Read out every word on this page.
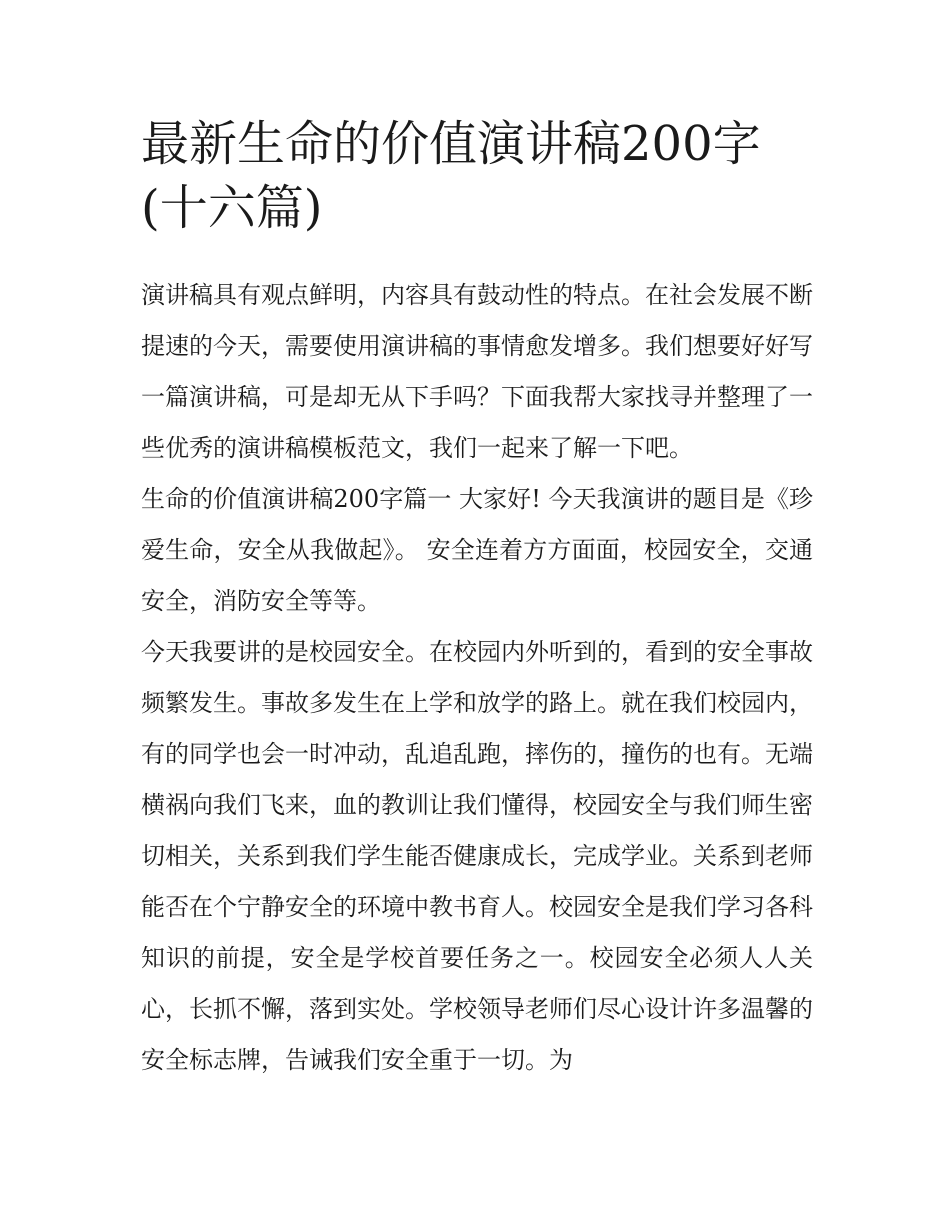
最新生命的价值演讲稿200字
(十六篇)

演讲稿具有观点鲜明，内容具有鼓动性的特点。在社会发展不断提速的今天，需要使用演讲稿的事情愈发增多。我们想要好好写一篇演讲稿，可是却无从下手吗？下面我帮大家找寻并整理了一些优秀的演讲稿模板范文，我们一起来了解一下吧。

生命的价值演讲稿200字篇一 大家好! 今天我演讲的题目是《珍爱生命，安全从我做起》。 安全连着方方面面，校园安全，交通安全，消防安全等等。

今天我要讲的是校园安全。在校园内外听到的，看到的安全事故频繁发生。事故多发生在上学和放学的路上。就在我们校园内，有的同学也会一时冲动，乱追乱跑，摔伤的，撞伤的也有。无端横祸向我们飞来，血的教训让我们懂得，校园安全与我们师生密切相关，关系到我们学生能否健康成长，完成学业。关系到老师能否在个宁静安全的环境中教书育人。校园安全是我们学习各科知识的前提，安全是学校首要任务之一。校园安全必须人人关心，长抓不懈，落到实处。学校领导老师们尽心设计许多温馨的安全标志牌，告诫我们安全重于一切。为
